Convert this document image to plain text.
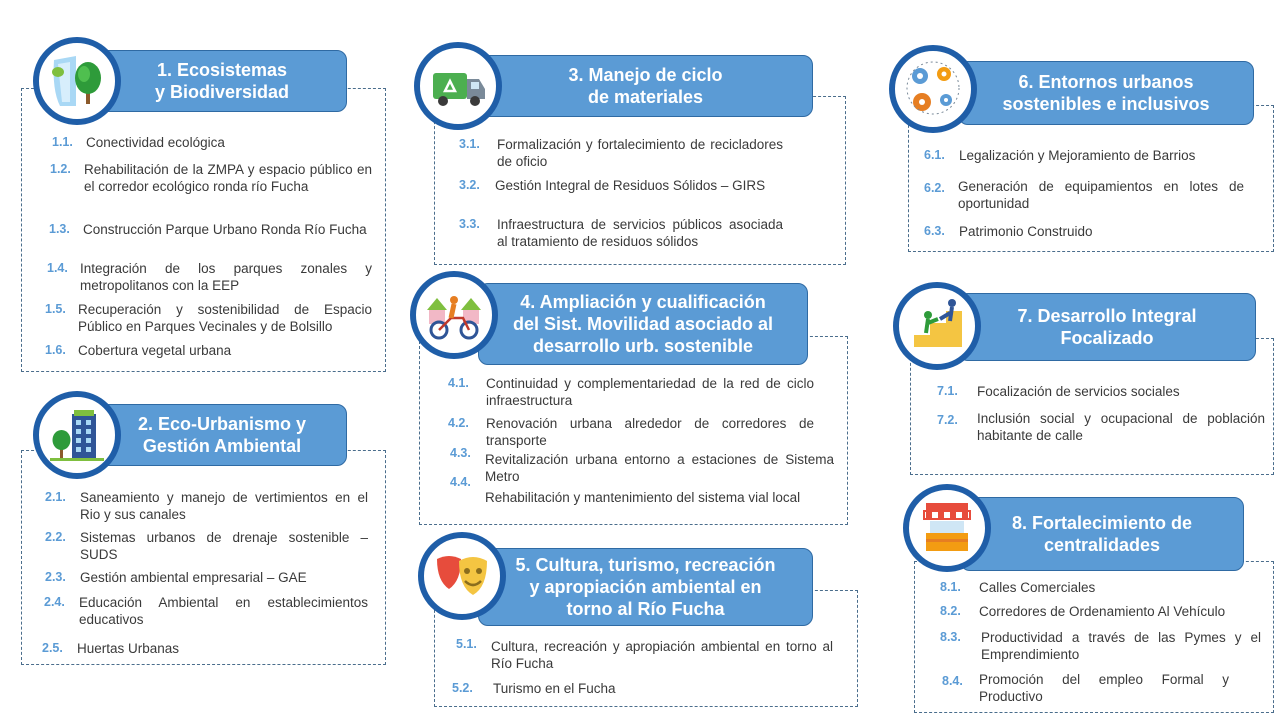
1. Ecosistemas
y Biodiversidad
1.1. Conectividad ecológica
1.2. Rehabilitación de la ZMPA y espacio público en el corredor ecológico ronda río Fucha
1.3. Construcción Parque Urbano Ronda Río Fucha
1.4. Integración de los parques zonales y metropolitanos con la EEP
1.5. Recuperación y sostenibilidad de Espacio Público en Parques Vecinales y de Bolsillo
1.6. Cobertura vegetal urbana
2. Eco-Urbanismo y
Gestión Ambiental
2.1. Saneamiento y manejo de vertimientos en el Rio y sus canales
2.2. Sistemas urbanos de drenaje sostenible – SUDS
2.3. Gestión ambiental empresarial – GAE
2.4. Educación Ambiental en establecimientos educativos
2.5. Huertas Urbanas
3. Manejo de ciclo
de materiales
3.1. Formalización y fortalecimiento de recicladores de oficio
3.2. Gestión Integral de Residuos Sólidos – GIRS
3.3. Infraestructura de servicios públicos asociada al tratamiento de residuos sólidos
4. Ampliación y cualificación
del Sist. Movilidad asociado al
desarrollo urb. sostenible
4.1. Continuidad y complementariedad de la red de ciclo infraestructura
4.2. Renovación urbana alrededor de corredores de transporte
4.3. Revitalización urbana entorno a estaciones de Sistema Metro
4.4.
Rehabilitación y mantenimiento del sistema vial local
5. Cultura, turismo, recreación
y apropiación ambiental en
torno al Río Fucha
5.1. Cultura, recreación y apropiación ambiental en torno al Río Fucha
5.2. Turismo en el Fucha
6. Entornos urbanos
sostenibles e inclusivos
6.1. Legalización y Mejoramiento de Barrios
6.2. Generación de equipamientos en lotes de oportunidad
6.3. Patrimonio Construido
7. Desarrollo Integral
Focalizado
7.1. Focalización de servicios sociales
7.2. Inclusión social y ocupacional de población habitante de calle
8. Fortalecimiento de
centralidades
8.1. Calles Comerciales
8.2. Corredores de Ordenamiento Al Vehículo
8.3. Productividad a través de las Pymes y el Emprendimiento
8.4. Promoción del empleo Formal y Productivo
